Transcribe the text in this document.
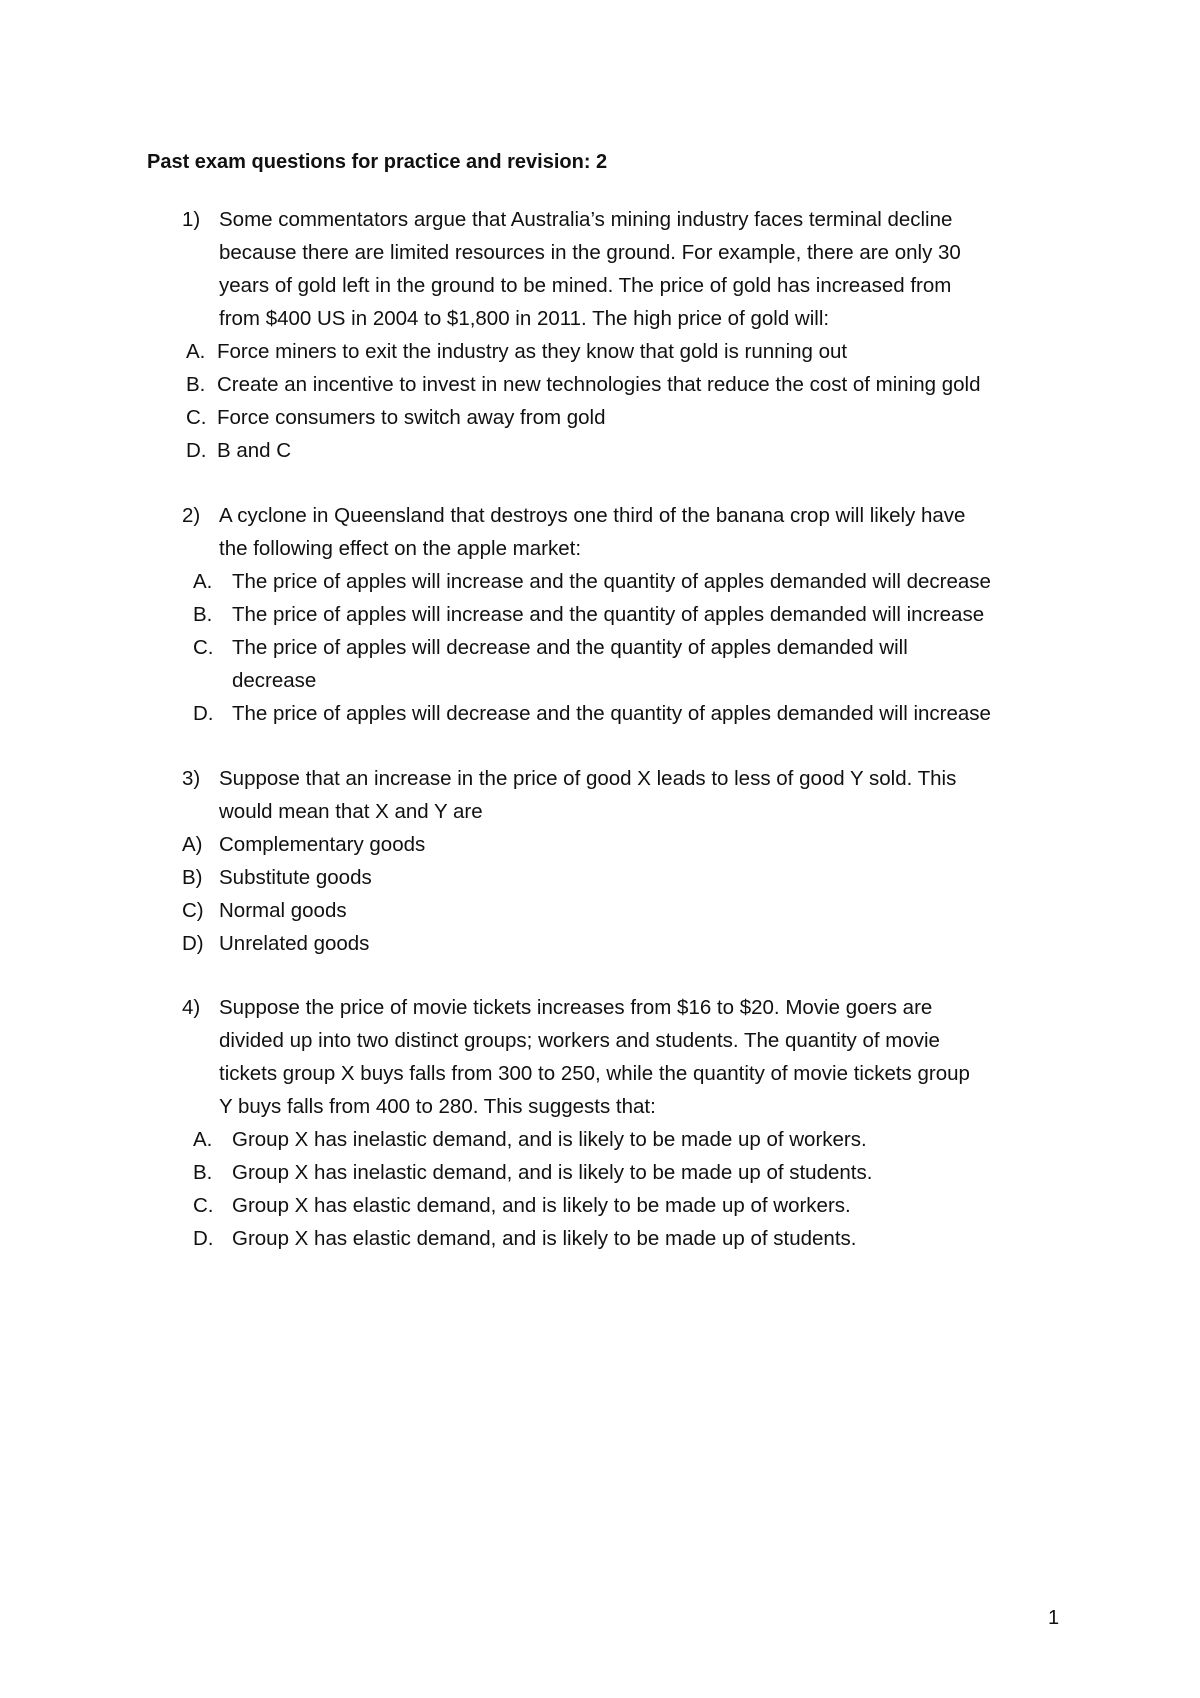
Past exam questions for practice and revision: 2
1) Some commentators argue that Australia’s mining industry faces terminal decline
because there are limited resources in the ground. For example, there are only 30
years of gold left in the ground to be mined. The price of gold has increased from
from $400 US in 2004 to $1,800 in 2011. The high price of gold will:
A. Force miners to exit the industry as they know that gold is running out
B. Create an incentive to invest in new technologies that reduce the cost of mining gold
C. Force consumers to switch away from gold
D. B and C
2) A cyclone in Queensland that destroys one third of the banana crop will likely have
the following effect on the apple market:
A. The price of apples will increase and the quantity of apples demanded will decrease
B. The price of apples will increase and the quantity of apples demanded will increase
C. The price of apples will decrease and the quantity of apples demanded will
decrease
D. The price of apples will decrease and the quantity of apples demanded will increase
3) Suppose that an increase in the price of good X leads to less of good Y sold. This
would mean that X and Y are
A) Complementary goods
B) Substitute goods
C) Normal goods
D) Unrelated goods
4) Suppose the price of movie tickets increases from $16 to $20. Movie goers are
divided up into two distinct groups; workers and students. The quantity of movie
tickets group X buys falls from 300 to 250, while the quantity of movie tickets group
Y buys falls from 400 to 280. This suggests that:
A. Group X has inelastic demand, and is likely to be made up of workers.
B. Group X has inelastic demand, and is likely to be made up of students.
C. Group X has elastic demand, and is likely to be made up of workers.
D. Group X has elastic demand, and is likely to be made up of students.
1
